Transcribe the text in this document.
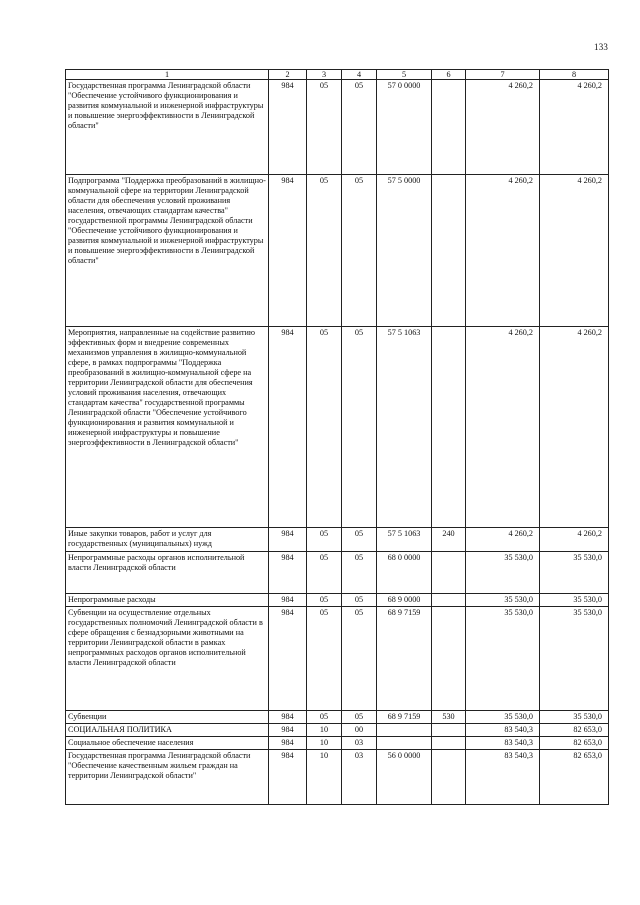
133
1	2	3	4	5	6	7	8
Государственная программа Ленинградской области "Обеспечение устойчивого функционирования и развития коммунальной и инженерной инфраструктуры и повышение энергоэффективности в Ленинградской области"	984	05	05	57 0 0000		4 260,2	4 260,2
Подпрограмма "Поддержка преобразований в жилищно-коммунальной сфере на территории Ленинградской области для обеспечения условий проживания населения, отвечающих стандартам качества" государственной программы Ленинградской области "Обеспечение устойчивого функционирования и развития коммунальной и инженерной инфраструктуры и повышение энергоэффективности в Ленинградской области"	984	05	05	57 5 0000		4 260,2	4 260,2
Мероприятия, направленные на содействие развитию эффективных форм и внедрение современных механизмов управления в жилищно-коммунальной сфере, в рамках подпрограммы "Поддержка преобразований в жилищно-коммунальной сфере на территории Ленинградской области для обеспечения условий проживания населения, отвечающих стандартам качества" государственной программы Ленинградской области "Обеспечение устойчивого функционирования и развития коммунальной и инженерной инфраструктуры и повышение энергоэффективности в Ленинградской области"	984	05	05	57 5 1063		4 260,2	4 260,2
Иные закупки товаров, работ и услуг для государственных (муниципальных) нужд	984	05	05	57 5 1063	240	4 260,2	4 260,2
Непрограммные расходы органов исполнительной власти Ленинградской области	984	05	05	68 0 0000		35 530,0	35 530,0
Непрограммные расходы	984	05	05	68 9 0000		35 530,0	35 530,0
Субвенции на осуществление отдельных государственных полномочий Ленинградской области в сфере обращения с безнадзорными животными на территории Ленинградской области в рамках непрограммных расходов органов исполнительной власти Ленинградской области	984	05	05	68 9 7159		35 530,0	35 530,0
Субвенции	984	05	05	68 9 7159	530	35 530,0	35 530,0
СОЦИАЛЬНАЯ ПОЛИТИКА	984	10	00			83 540,3	82 653,0
Социальное обеспечение населения	984	10	03			83 540,3	82 653,0
Государственная программа Ленинградской области "Обеспечение качественным жильем граждан на территории Ленинградской области"	984	10	03	56 0 0000		83 540,3	82 653,0
